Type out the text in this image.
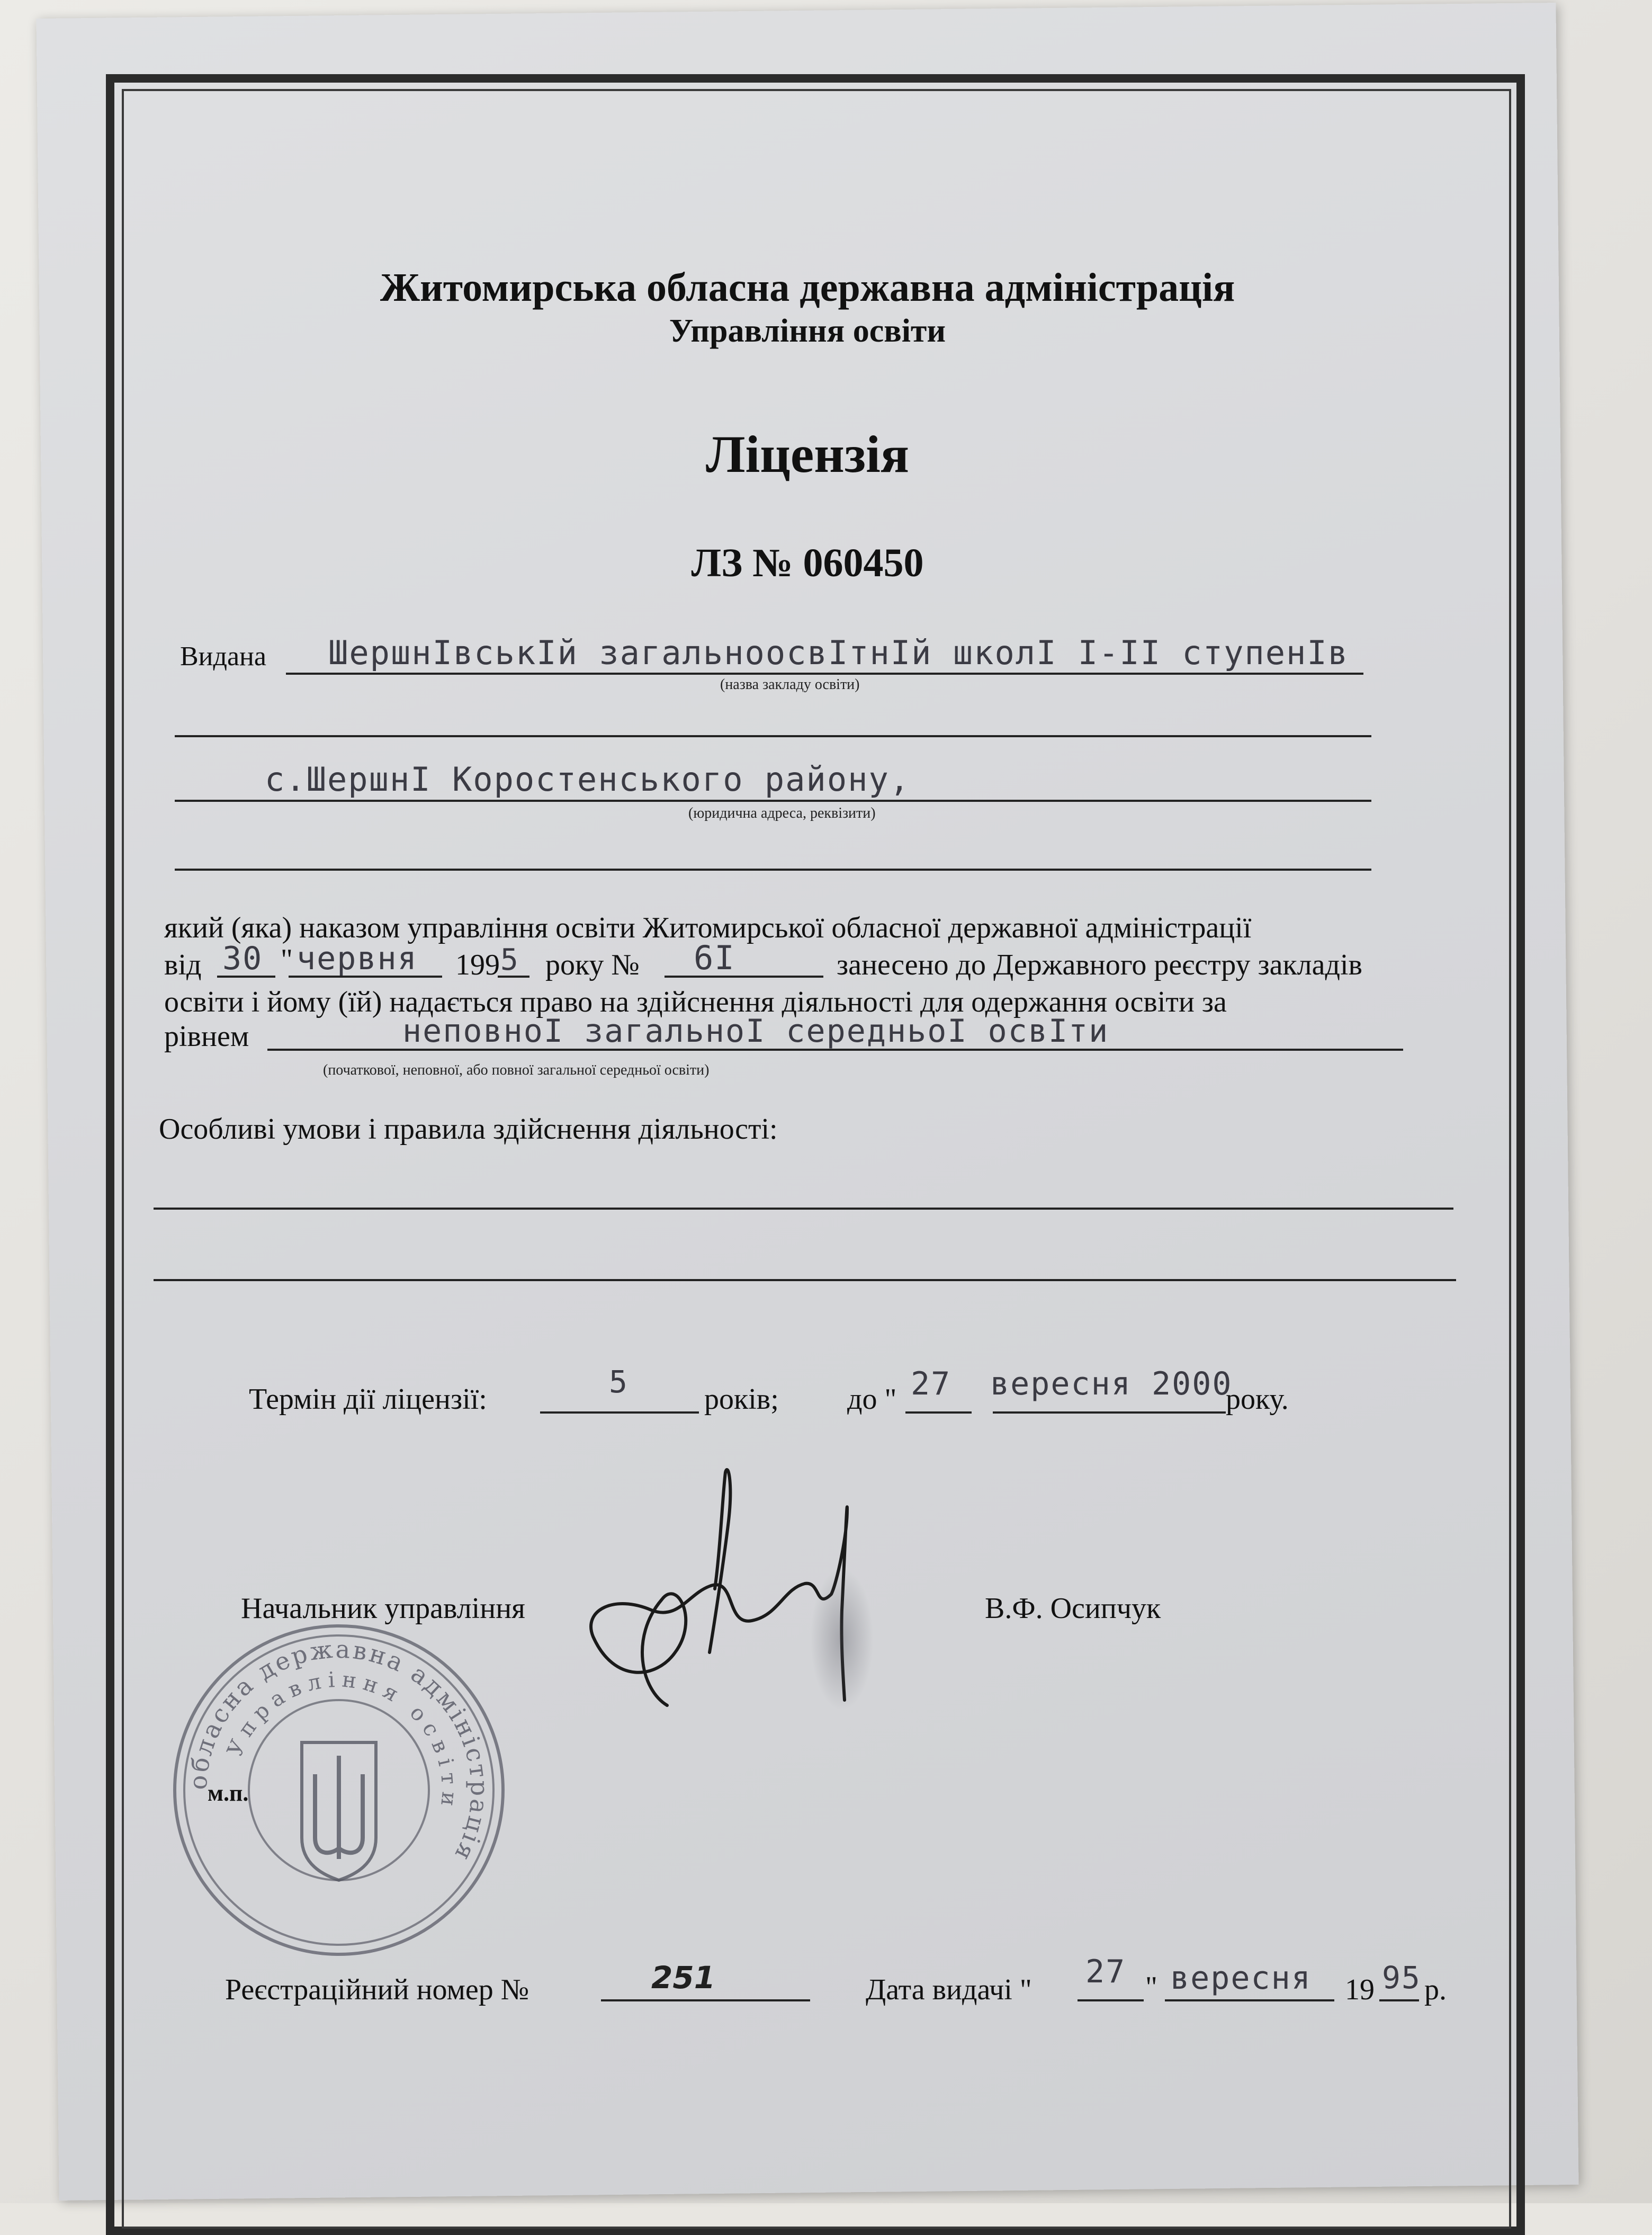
Житомирська обласна державна адміністрація
Управління освіти
Ліцензія
ЛЗ № 060450
Видана ШершнІвськІй загальноосвІтнІй школІ І-ІІ ступенІв
(назва закладу освіти)
с.ШершнІ Коростенського району,
(юридична адреса, реквізити)
який (яка) наказом управління освіти Житомирської обласної державної адміністрації
від 30 " червня 199 5 року № 6І	занесено до Державного реєстру закладів
освіти і йому (їй) надається право на здійснення діяльності для одержання освіти за
рівнем	неповноІ загальноІ середньоІ освІти
(початкової, неповної, або повної загальної середньої освіти)
Особливі умови і правила здійснення діяльності:
Термін дії ліцензії:	5	років; до " 27 вересня 2000
року.
Начальник управління	В.Ф. Осипчук
обласна державна адміністрація
Управління освіти
м.п.
Реєстраційний номер №	251	Дата видачі " 27 " вересня 19 95 р.
